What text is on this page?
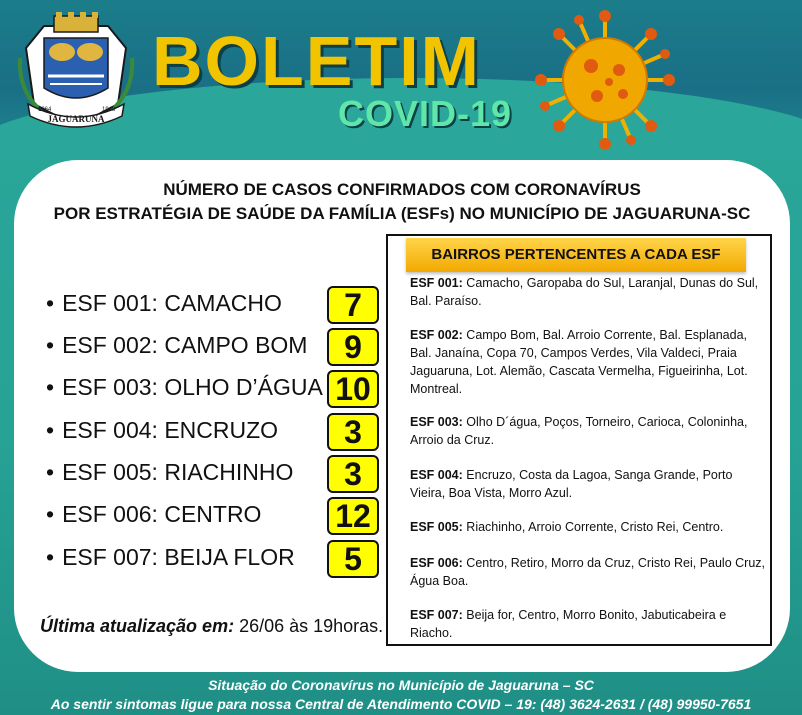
JAGUARUNA
1864	1948
BOLETIM
COVID-19
NÚMERO DE CASOS CONFIRMADOS COM CORONAVÍRUS
POR ESTRATÉGIA DE SAÚDE DA FAMÍLIA (ESFs) NO MUNICÍPIO DE JAGUARUNA-SC
• ESF 001: CAMACHO	7
• ESF 002: CAMPO BOM	9
• ESF 003: OLHO D’ÁGUA 10
• ESF 004: ENCRUZO	3
• ESF 005: RIACHINHO	3
• ESF 006: CENTRO 12
• ESF 007: BEIJA FLOR	5
Última atualização em: 26/06 às 19horas.
BAIRROS PERTENCENTES A CADA ESF
ESF 001: Camacho, Garopaba do Sul, Laranjal, Dunas do Sul, Bal. Paraíso.
ESF 002: Campo Bom, Bal. Arroio Corrente, Bal. Esplanada, Bal. Janaína, Copa 70, Campos Verdes, Vila Valdeci, Praia Jaguaruna, Lot. Alemão, Cascata Vermelha, Figueirinha, Lot. Montreal.
ESF 003: Olho D´água, Poços, Torneiro, Carioca, Coloninha, Arroio da Cruz.
ESF 004: Encruzo, Costa da Lagoa, Sanga Grande, Porto Vieira, Boa Vista, Morro Azul.
ESF 005: Riachinho, Arroio Corrente, Cristo Rei, Centro.
ESF 006: Centro, Retiro, Morro da Cruz, Cristo Rei, Paulo Cruz, Água Boa.
ESF 007: Beija for, Centro, Morro Bonito, Jabuticabeira e Riacho.
Situação do Coronavírus no Município de Jaguaruna – SC
Ao sentir sintomas ligue para nossa Central de Atendimento COVID – 19: (48) 3624-2631 / (48) 99950-7651
